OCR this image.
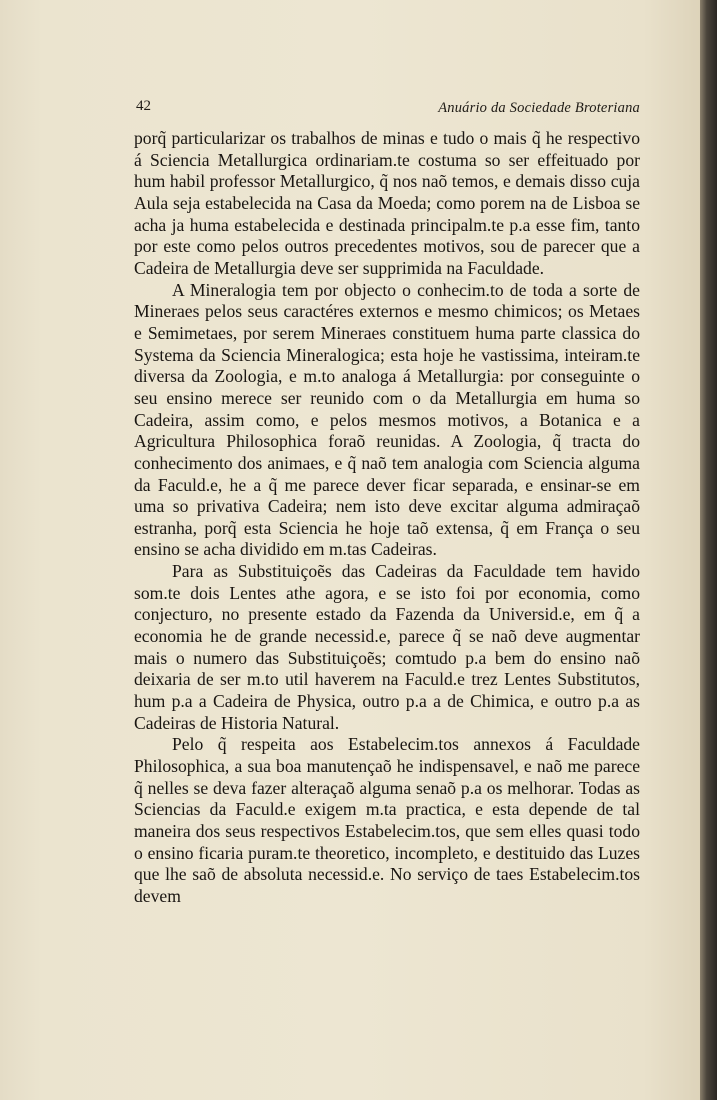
42	Anuário da Sociedade Broteriana

porq̃ particularizar os trabalhos de minas e tudo o mais q̃ he respectivo á Sciencia Metallurgica ordinariam.te costuma so ser effeituado por hum habil professor Metallurgico, q̃ nos naõ temos, e demais disso cuja Aula seja estabelecida na Casa da Moeda; como porem na de Lisboa se acha ja huma estabelecida e destinada principalm.te p.a esse fim, tanto por este como pelos outros precedentes motivos, sou de parecer que a Cadeira de Metallurgia deve ser supprimida na Faculdade.

A Mineralogia tem por objecto o conhecim.to de toda a sorte de Mineraes pelos seus caractéres externos e mesmo chimicos; os Metaes e Semimetaes, por serem Mineraes constituem huma parte classica do Systema da Sciencia Mineralogica; esta hoje he vastissima, inteiram.te diversa da Zoologia, e m.to analoga á Metallurgia: por conseguinte o seu ensino merece ser reunido com o da Metallurgia em huma so Cadeira, assim como, e pelos mesmos motivos, a Botanica e a Agricultura Philosophica foraõ reunidas. A Zoologia, q̃ tracta do conhecimento dos animaes, e q̃ naõ tem analogia com Sciencia alguma da Faculd.e, he a q̃ me parece dever ficar separada, e ensinar-se em uma so privativa Cadeira; nem isto deve excitar alguma admiraçaõ estranha, porq̃ esta Sciencia he hoje taõ extensa, q̃ em França o seu ensino se acha dividido em m.tas Cadeiras.

Para as Substituiçoẽs das Cadeiras da Faculdade tem havido som.te dois Lentes athe agora, e se isto foi por economia, como conjecturo, no presente estado da Fazenda da Universid.e, em q̃ a economia he de grande necessid.e, parece q̃ se naõ deve augmentar mais o numero das Substituiçoẽs; comtudo p.a bem do ensino naõ deixaria de ser m.to util haverem na Faculd.e trez Lentes Substitutos, hum p.a a Cadeira de Physica, outro p.a a de Chimica, e outro p.a as Cadeiras de Historia Natural.

Pelo q̃ respeita aos Estabelecim.tos annexos á Faculdade Philosophica, a sua boa manutençaõ he indispensavel, e naõ me parece q̃ nelles se deva fazer alteraçaõ alguma senaõ p.a os melhorar. Todas as Sciencias da Faculd.e exigem m.ta practica, e esta depende de tal maneira dos seus respectivos Estabelecim.tos, que sem elles quasi todo o ensino ficaria puram.te theoretico, incompleto, e destituido das Luzes que lhe saõ de absoluta necessid.e. No serviço de taes Estabelecim.tos devem
